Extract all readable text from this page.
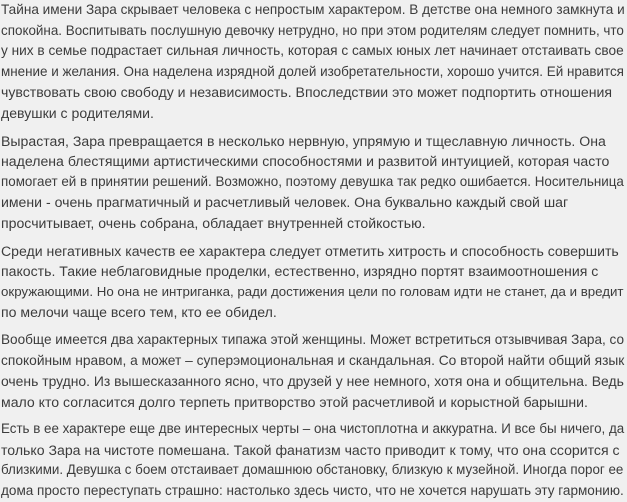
Тайна имени Зара скрывает человека с непростым характером. В детстве она немного замкнута и
спокойна. Воспитывать послушную девочку нетрудно, но при этом родителям следует помнить, что
у них в семье подрастает сильная личность, которая с самых юных лет начинает отстаивать свое
мнение и желания. Она наделена изрядной долей изобретательности, хорошо учится. Ей нравится
чувствовать свою свободу и независимость. Впоследствии это может подпортить отношения
девушки с родителями.
Вырастая, Зара превращается в несколько нервную, упрямую и тщеславную личность. Она
наделена блестящими артистическими способностями и развитой интуицией, которая часто
помогает ей в принятии решений. Возможно, поэтому девушка так редко ошибается. Носительница
имени - очень прагматичный и расчетливый человек. Она буквально каждый свой шаг
просчитывает, очень собрана, обладает внутренней стойкостью.
Среди негативных качеств ее характера следует отметить хитрость и способность совершить
пакость. Такие неблаговидные проделки, естественно, изрядно портят взаимоотношения с
окружающими. Но она не интриганка, ради достижения цели по головам идти не станет, да и вредит
по мелочи чаще всего тем, кто ее обидел.
Вообще имеется два характерных типажа этой женщины. Может встретиться отзывчивая Зара, со
спокойным нравом, а может – суперэмоциональная и скандальная. Со второй найти общий язык
очень трудно. Из вышесказанного ясно, что друзей у нее немного, хотя она и общительна. Ведь
мало кто согласится долго терпеть притворство этой расчетливой и корыстной барышни.
Есть в ее характере еще две интересных черты – она чистоплотна и аккуратна. И все бы ничего, да
только Зара на чистоте помешана. Такой фанатизм часто приводит к тому, что она ссорится с
близкими. Девушка с боем отстаивает домашнюю обстановку, близкую к музейной. Иногда порог ее
дома просто переступать страшно: настолько здесь чисто, что не хочется нарушать эту гармонию.
